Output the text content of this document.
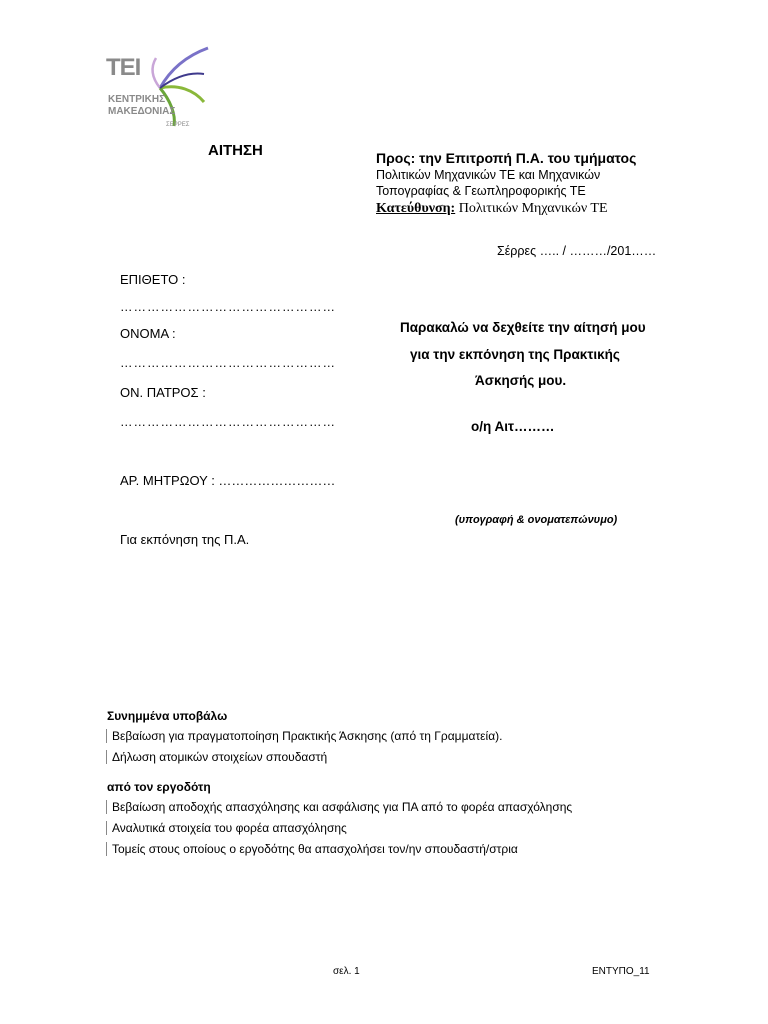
ΤΕΙ
ΚΕΝΤΡΙΚΗΣ
ΜΑΚΕΔΟΝΙΑΣ
ΣΕΡΡΕΣ
ΑΙΤΗΣΗ	Προς: την Επιτροπή Π.Α. του τμήματος
Πολιτικών Μηχανικών ΤΕ και Μηχανικών
Τοπογραφίας & Γεωπληροφορικής ΤΕ
Κατεύθυνση: Πολιτικών Μηχανικών ΤΕ
Σέρρες ….. / ………/201……
ΕΠΙΘΕΤΟ :
…………………………………………
ΟΝΟΜΑ :
…………………………………………
ΟΝ. ΠΑΤΡΟΣ :
…………………………………………
ΑΡ. ΜΗΤΡΩΟΥ : ………………………
Για εκπόνηση της Π.Α.
Παρακαλώ να δεχθείτε την αίτησή μου
για την εκπόνηση της Πρακτικής
Άσκησής μου.
ο/η Αιτ………
(υπογραφή & ονοματεπώνυμο)
Συνημμένα υποβάλω
Βεβαίωση για πραγματοποίηση Πρακτικής Άσκησης (από τη Γραμματεία).
Δήλωση ατομικών στοιχείων σπουδαστή
από τον εργοδότη
Βεβαίωση αποδοχής απασχόλησης και ασφάλισης για ΠΑ από το φορέα απασχόλησης
Αναλυτικά στοιχεία του φορέα απασχόλησης
Τομείς στους οποίους ο εργοδότης θα απασχολήσει τον/ην σπουδαστή/στρια
σελ. 1	ΕΝΤΥΠΟ_11
